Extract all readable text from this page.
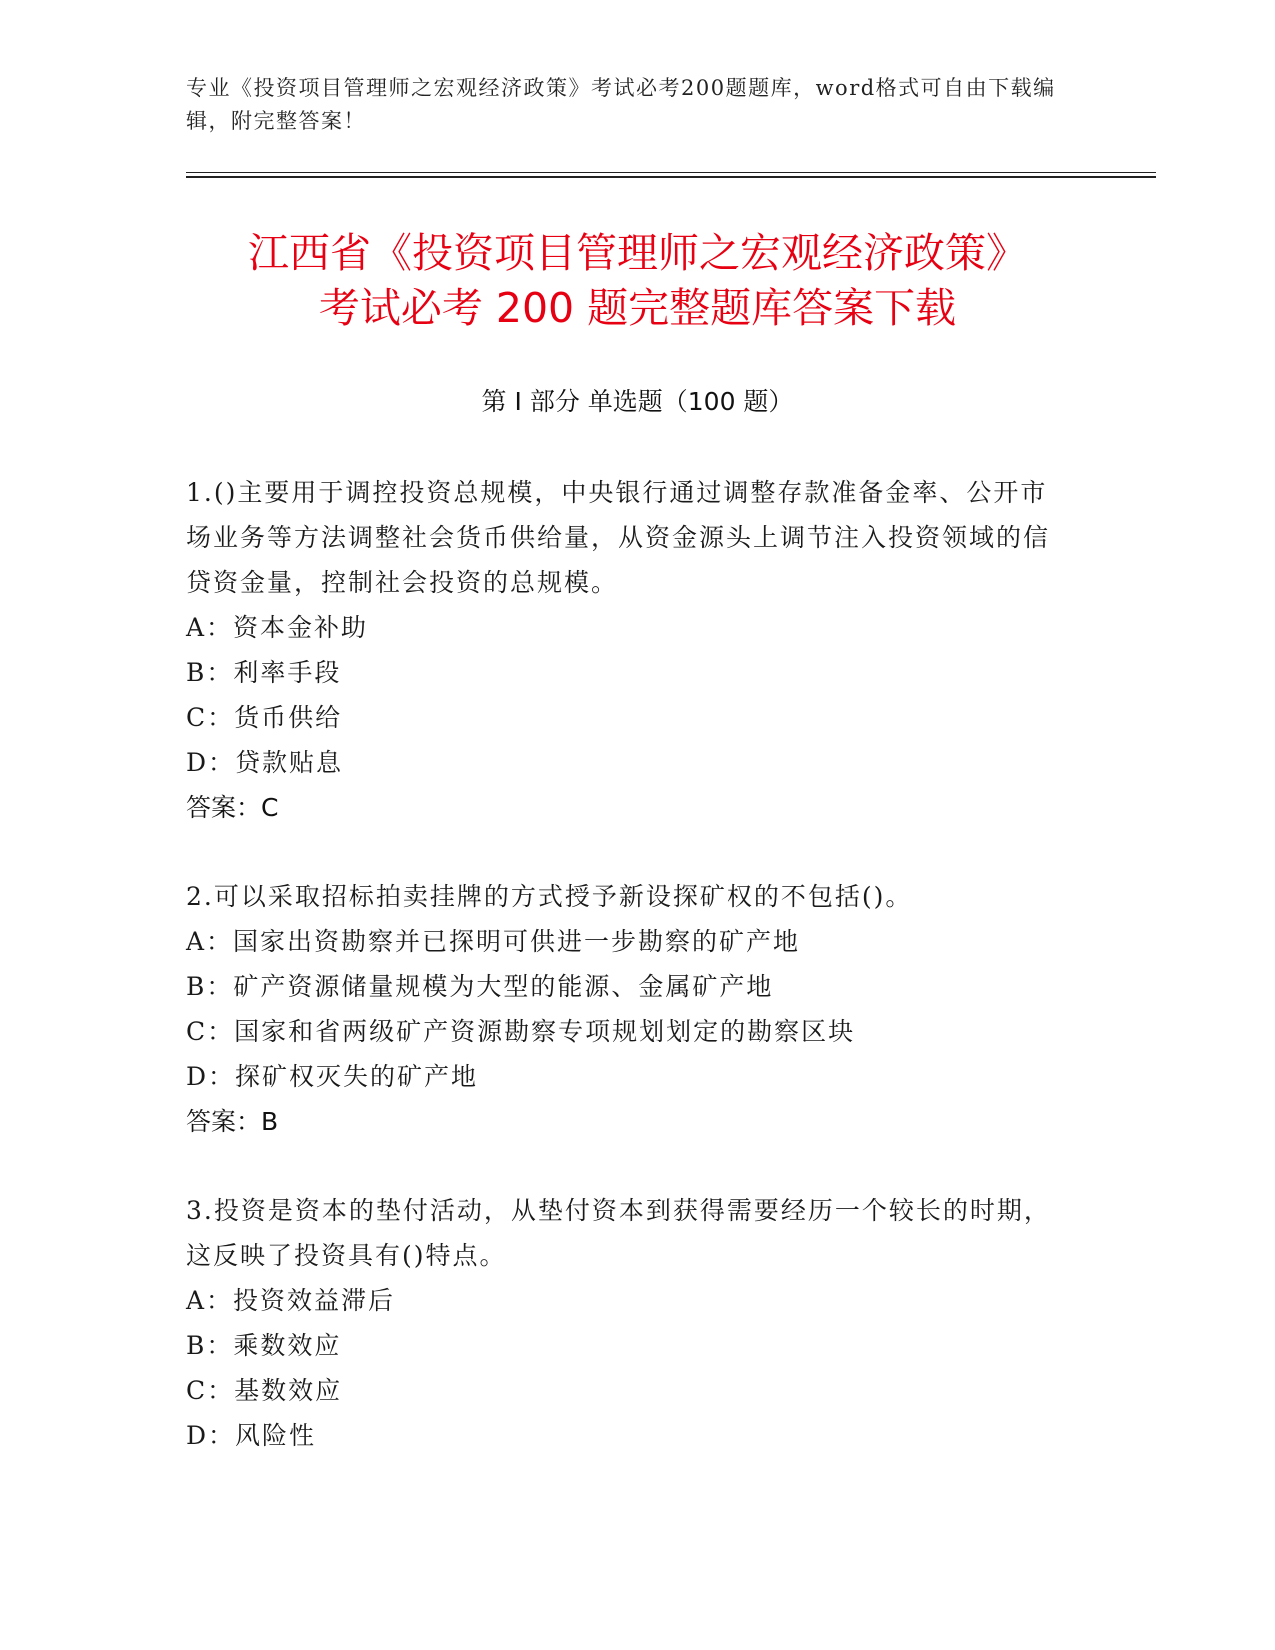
专业《投资项目管理师之宏观经济政策》考试必考200题题库，word格式可自由下载编辑，附完整答案！
江西省《投资项目管理师之宏观经济政策》
考试必考 200 题完整题库答案下载
第 I 部分 单选题（100 题）
1.()主要用于调控投资总规模，中央银行通过调整存款准备金率、公开市场业务等方法调整社会货币供给量，从资金源头上调节注入投资领域的信贷资金量，控制社会投资的总规模。
A：资本金补助
B：利率手段
C：货币供给
D：贷款贴息
答案：C
2.可以采取招标拍卖挂牌的方式授予新设探矿权的不包括()。
A：国家出资勘察并已探明可供进一步勘察的矿产地
B：矿产资源储量规模为大型的能源、金属矿产地
C：国家和省两级矿产资源勘察专项规划划定的勘察区块
D：探矿权灭失的矿产地
答案：B
3.投资是资本的垫付活动，从垫付资本到获得需要经历一个较长的时期，这反映了投资具有()特点。
A：投资效益滞后
B：乘数效应
C：基数效应
D：风险性
